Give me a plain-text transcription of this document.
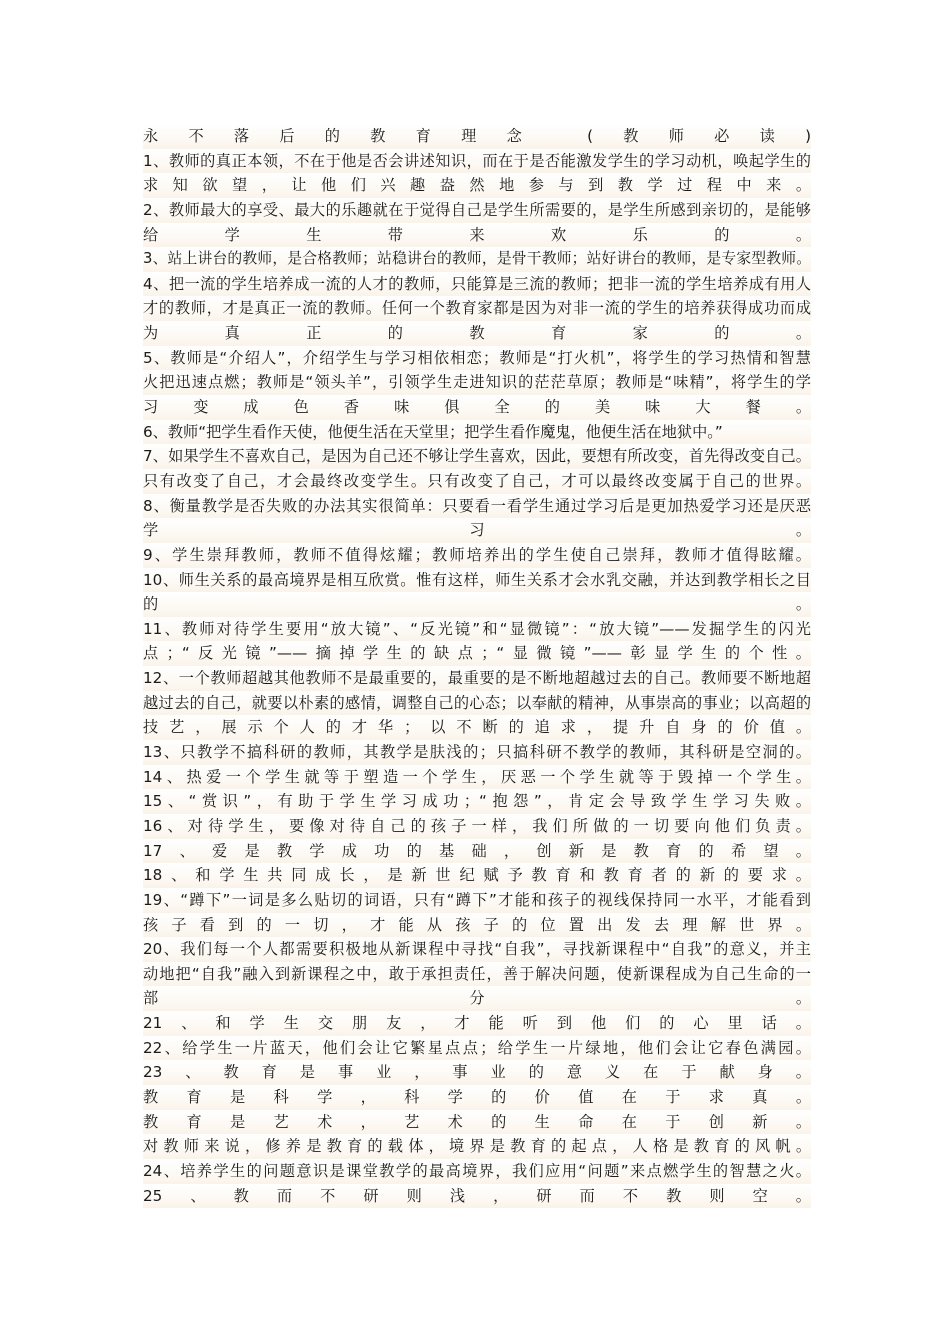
永不落后的教育理念 (教师必读)
1、教师的真正本领，不在于他是否会讲述知识，而在于是否能激发学生的学习动机，唤起学生的
求知欲望，让他们兴趣盎然地参与到教学过程中来。
2、教师最大的享受、最大的乐趣就在于觉得自己是学生所需要的，是学生所感到亲切的，是能够
给学生带来欢乐的。
3、站上讲台的教师，是合格教师；站稳讲台的教师，是骨干教师；站好讲台的教师，是专家型教师。
4、把一流的学生培养成一流的人才的教师，只能算是三流的教师；把非一流的学生培养成有用人
才的教师，才是真正一流的教师。任何一个教育家都是因为对非一流的学生的培养获得成功而成
为真正的教育家的。
5、教师是“介绍人”，介绍学生与学习相依相恋；教师是“打火机”，将学生的学习热情和智慧
火把迅速点燃；教师是“领头羊”，引领学生走进知识的茫茫草原；教师是“味精”，将学生的学
习变成色香味俱全的美味大餐。
6、教师“把学生看作天使，他便生活在天堂里；把学生看作魔鬼，他便生活在地狱中。”
7、如果学生不喜欢自己，是因为自己还不够让学生喜欢，因此，要想有所改变，首先得改变自己。
只有改变了自己，才会最终改变学生。只有改变了自己，才可以最终改变属于自己的世界。
8、衡量教学是否失败的办法其实很简单：只要看一看学生通过学习后是更加热爱学习还是厌恶
学习。
9、学生崇拜教师，教师不值得炫耀；教师培养出的学生使自己崇拜，教师才值得眩耀。
10、师生关系的最高境界是相互欣赏。惟有这样，师生关系才会水乳交融，并达到教学相长之目
的。
11、教师对待学生要用“放大镜”、“反光镜”和“显微镜”：“放大镜”——发掘学生的闪光
点；“反光镜”——摘掉学生的缺点；“显微镜”——彰显学生的个性。
12、一个教师超越其他教师不是最重要的，最重要的是不断地超越过去的自己。教师要不断地超
越过去的自己，就要以朴素的感情，调整自己的心态；以奉献的精神，从事崇高的事业；以高超的
技艺，展示个人的才华；以不断的追求，提升自身的价值。
13、只教学不搞科研的教师，其教学是肤浅的；只搞科研不教学的教师，其科研是空洞的。
14、热爱一个学生就等于塑造一个学生，厌恶一个学生就等于毁掉一个学生。
15、“赏识”，有助于学生学习成功；“抱怨”，肯定会导致学生学习失败。
16、对待学生，要像对待自己的孩子一样，我们所做的一切要向他们负责。
17、爱是教学成功的基础，创新是教育的希望。
18、和学生共同成长，是新世纪赋予教育和教育者的新的要求。
19、“蹲下”一词是多么贴切的词语，只有“蹲下”才能和孩子的视线保持同一水平，才能看到
孩子看到的一切，才能从孩子的位置出发去理解世界。
20、我们每一个人都需要积极地从新课程中寻找“自我”，寻找新课程中“自我”的意义，并主
动地把“自我”融入到新课程之中，敢于承担责任，善于解决问题，使新课程成为自己生命的一
部分。
21、和学生交朋友，才能听到他们的心里话。
22、给学生一片蓝天，他们会让它繁星点点；给学生一片绿地，他们会让它春色满园。
23、教育是事业，事业的意义在于献身。
教育是科学，科学的价值在于求真。
教育是艺术，艺术的生命在于创新。
对教师来说，修养是教育的载体，境界是教育的起点，人格是教育的风帆。
24、培养学生的问题意识是课堂教学的最高境界，我们应用“问题”来点燃学生的智慧之火。
25、教而不研则浅，研而不教则空。
